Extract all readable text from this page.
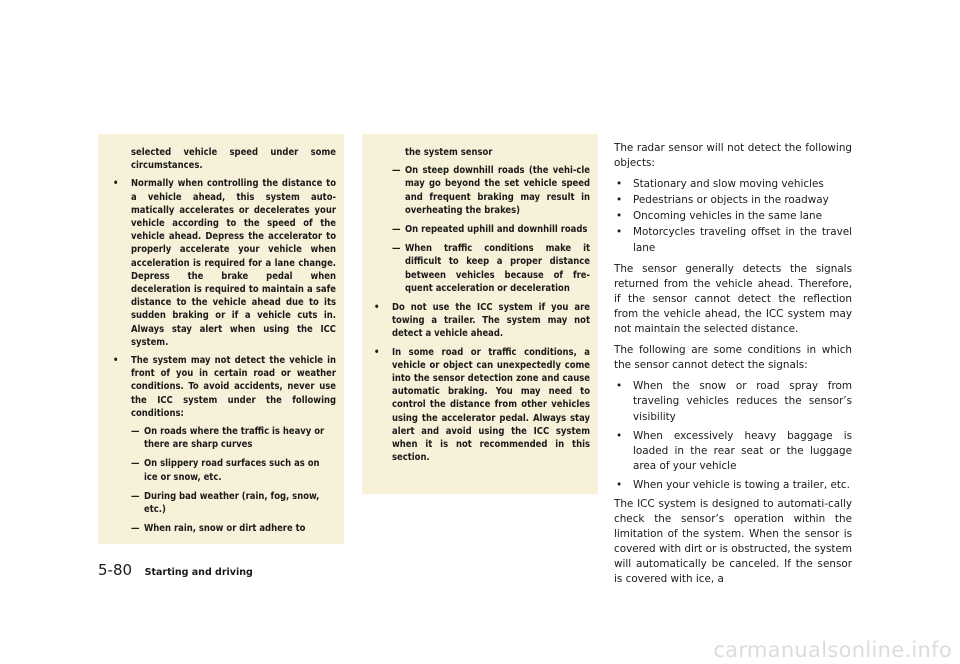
selected vehicle speed under some circumstances.

• Normally when controlling the distance to a vehicle ahead, this system auto-matically accelerates or decelerates your vehicle according to the speed of the vehicle ahead. Depress the accelerator to properly accelerate your vehicle when acceleration is required for a lane change. Depress the brake pedal when deceleration is required to maintain a safe distance to the vehicle ahead due to its sudden braking or if a vehicle cuts in. Always stay alert when using the ICC system.
• The system may not detect the vehicle in front of you in certain road or weather conditions. To avoid accidents, never use the ICC system under the following conditions:
— On roads where the traffic is heavy or there are sharp curves
— On slippery road surfaces such as on ice or snow, etc.
— During bad weather (rain, fog, snow, etc.)
— When rain, snow or dirt adhere to

the system sensor

— On steep downhill roads (the vehi-cle may go beyond the set vehicle speed and frequent braking may result in overheating the brakes)
— On repeated uphill and downhill roads
— When traffic conditions make it difficult to keep a proper distance between vehicles because of fre-quent acceleration or deceleration
• Do not use the ICC system if you are towing a trailer. The system may not detect a vehicle ahead.
• In some road or traffic conditions, a vehicle or object can unexpectedly come into the sensor detection zone and cause automatic braking. You may need to control the distance from other vehicles using the accelerator pedal. Always stay alert and avoid using the ICC system when it is not recommended in this section.

The radar sensor will not detect the following objects:

• Stationary and slow moving vehicles
• Pedestrians or objects in the roadway
• Oncoming vehicles in the same lane
• Motorcycles traveling offset in the travel lane

The sensor generally detects the signals returned from the vehicle ahead. Therefore, if the sensor cannot detect the reflection from the vehicle ahead, the ICC system may not maintain the selected distance.

The following are some conditions in which the sensor cannot detect the signals:

• When the snow or road spray from traveling vehicles reduces the sensor’s visibility
• When excessively heavy baggage is loaded in the rear seat or the luggage area of your vehicle
• When your vehicle is towing a trailer, etc.

The ICC system is designed to automati-cally check the sensor’s operation within the limitation of the system. When the sensor is covered with dirt or is obstructed, the system will automatically be canceled. If the sensor is covered with ice, a

5-80 Starting and driving
carmanualsonline.info
